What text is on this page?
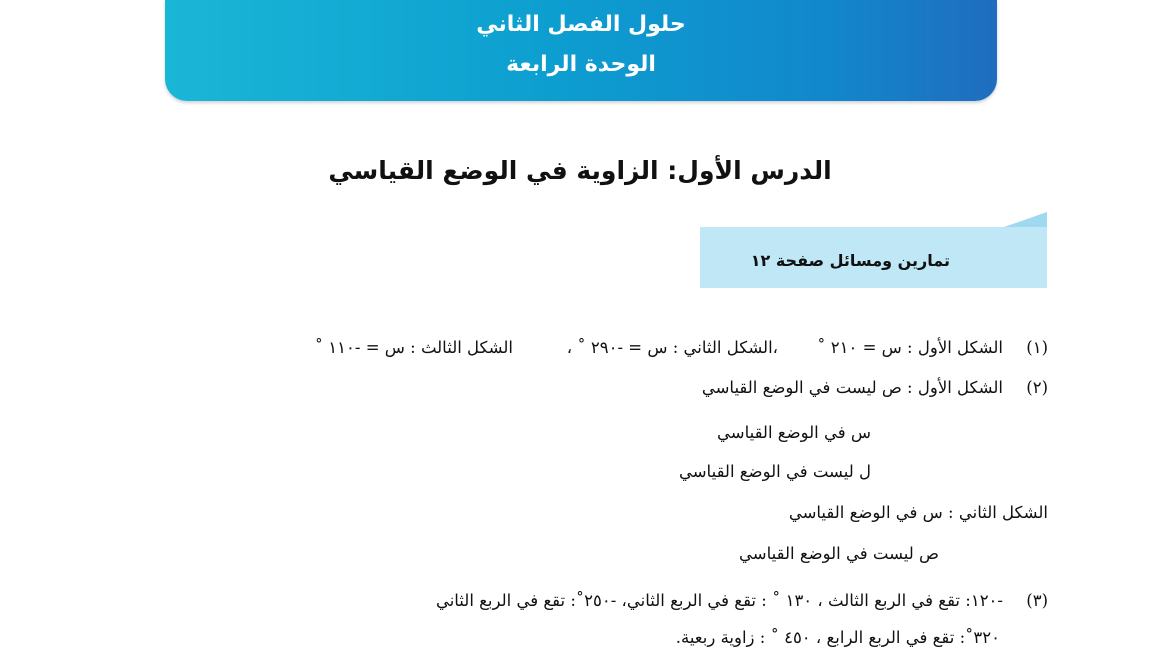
حلول الفصل الثاني
الوحدة الرابعة
الدرس الأول: الزاوية في الوضع القياسي
تمارين ومسائل صفحة ١٢
(١)
الشكل الأول : س = ٢١٠ ˚
،الشكل الثاني : س = -٢٩٠ ˚ ،
الشكل الثالث : س = -١١٠ ˚
(٢)
الشكل الأول : ص ليست في الوضع القياسي
س في الوضع القياسي
ل ليست في الوضع القياسي
الشكل الثاني : س في الوضع القياسي
ص ليست في الوضع القياسي
(٣)
-١٢٠: تقع في الربع الثالث ، ١٣٠ ˚ : تقع في الربع الثاني، -٢٥٠˚: تقع في الربع الثاني
٣٢٠˚: تقع في الربع الرابع ، ٤٥٠ ˚ : زاوية ربعية.
